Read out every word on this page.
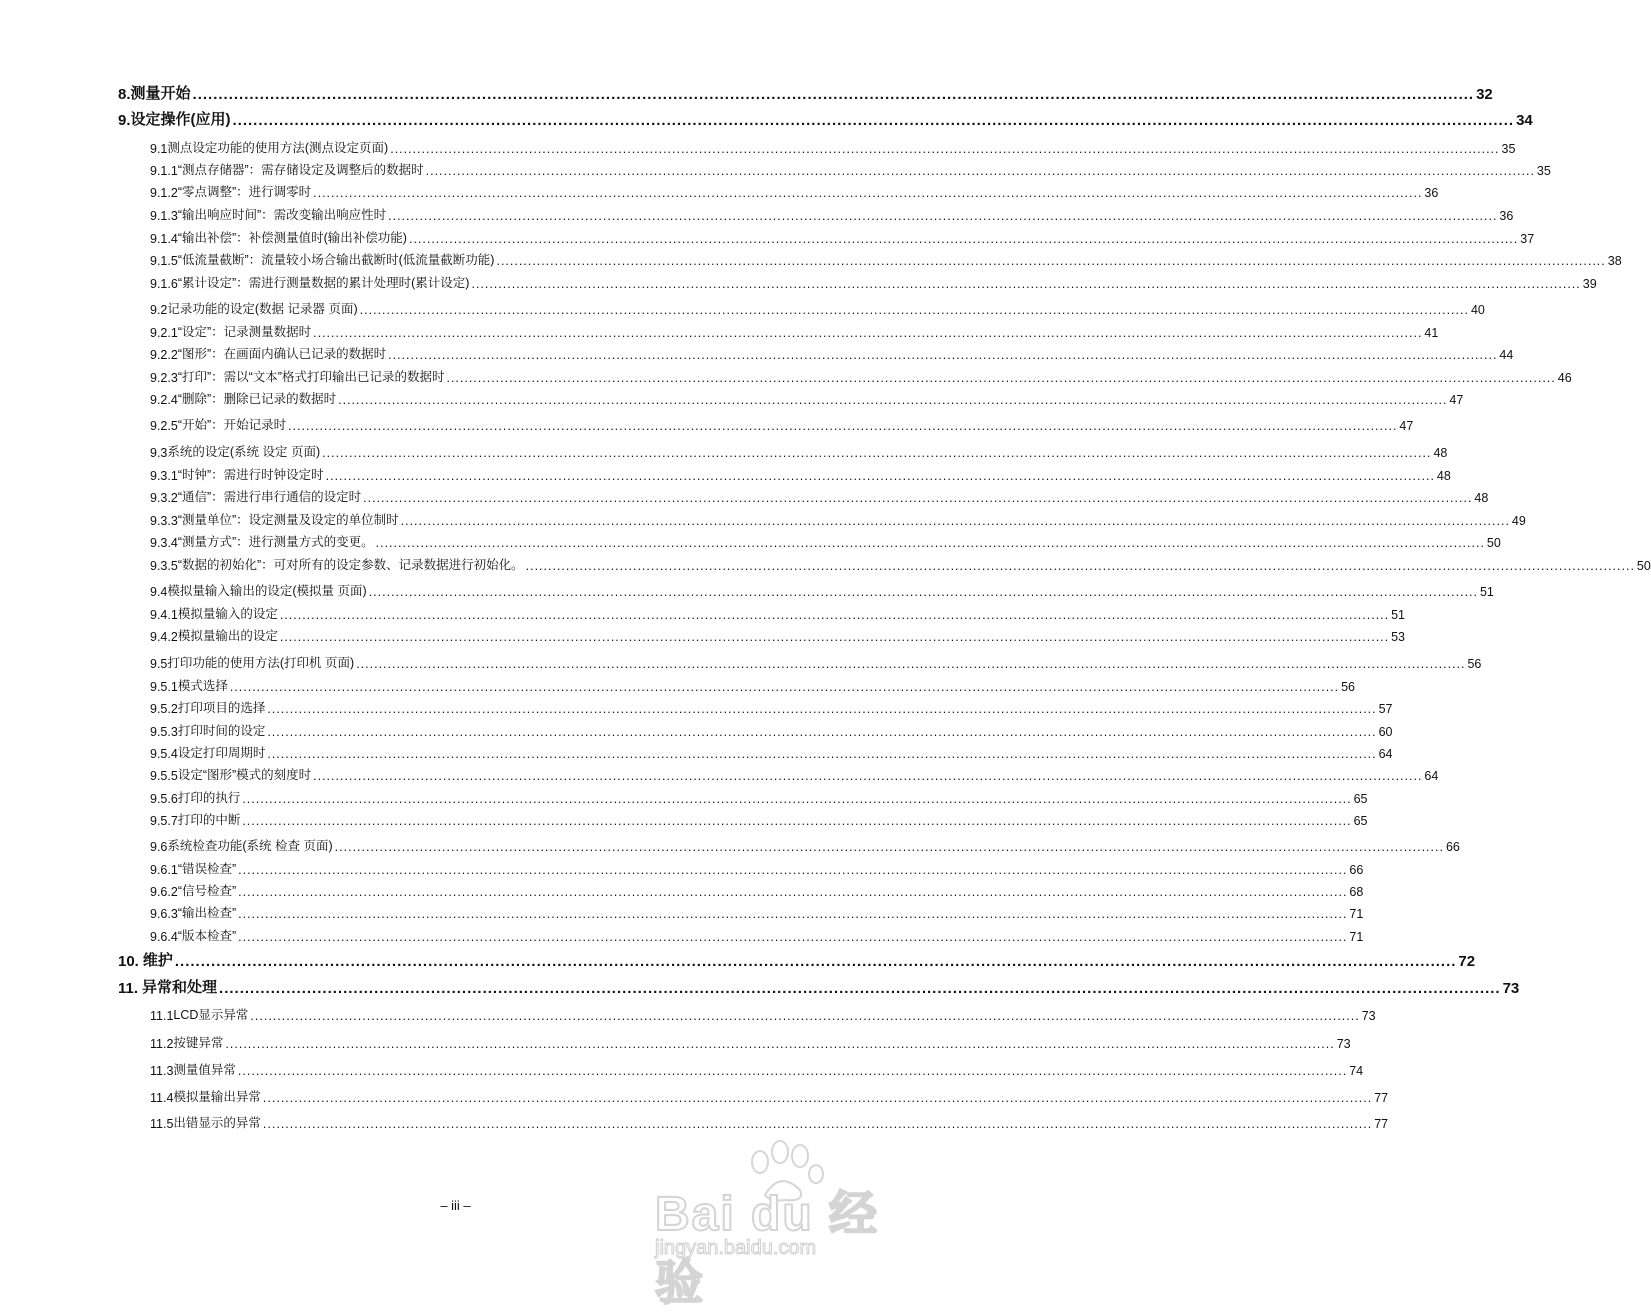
8. 测量开始 .....	32
9. 设定操作(应用) .....	34
9.1 测点设定功能的使用方法(测点设定页面) .....	35
9.1.1 “测点存储器”：需存储设定及调整后的数据时 .....	35
9.1.2 “零点调整”：进行调零时 .....	36
9.1.3 “输出响应时间”：需改变输出响应性时 .....	36
9.1.4 “输出补偿”：补偿测量值时(输出补偿功能) .....	37
9.1.5 “低流量截断”：流量较小场合输出截断时(低流量截断功能) .....	38
9.1.6 “累计设定”：需进行测量数据的累计处理时(累计设定) .....	39
9.2 记录功能的设定(数据 记录器 页面) .....	40
9.2.1 “设定”：记录测量数据时 .....	41
9.2.2 “图形”：在画面内确认已记录的数据时 .....	44
9.2.3 “打印”：需以“文本”格式打印输出已记录的数据时 .....	46
9.2.4 “删除”：删除已记录的数据时 .....	47
9.2.5 “开始”：开始记录时 .....	47
9.3 系统的设定(系统 设定 页面) .....	48
9.3.1 “时钟”：需进行时钟设定时 .....	48
9.3.2 “通信”：需进行串行通信的设定时 .....	48
9.3.3 “测量单位”：设定测量及设定的单位制时 .....	49
9.3.4 “测量方式”：进行测量方式的变更。 .....	50
9.3.5 “数据的初始化”：可对所有的设定参数、记录数据进行初始化。 .....	50
9.4 模拟量输入输出的设定(模拟量 页面) .....	51
9.4.1 模拟量输入的设定 .....	51
9.4.2 模拟量输出的设定 .....	53
9.5 打印功能的使用方法(打印机 页面) .....	56
9.5.1 模式选择 .....	56
9.5.2 打印项目的选择 .....	57
9.5.3 打印时间的设定 .....	60
9.5.4 设定打印周期时 .....	64
9.5.5 设定“图形”模式的刻度时 .....	64
9.5.6 打印的执行 .....	65
9.5.7 打印的中断 .....	65
9.6 系统检查功能(系统 检查 页面) .....	66
9.6.1 “错误检查” .....	66
9.6.2 “信号检查” .....	68
9.6.3 “输出检查” .....	71
9.6.4 “版本检查” .....	71
10. 维护 .....	72
11. 异常和处理 .....	73
11.1 LCD显示异常 .....	73
11.2 按键异常 .....	73
11.3 测量值异常 .....	74
11.4 模拟量输出异常 .....	77
11.5 出错显示的异常 .....	77
– iii –	Bai du 经验
jingyan.baidu.com
